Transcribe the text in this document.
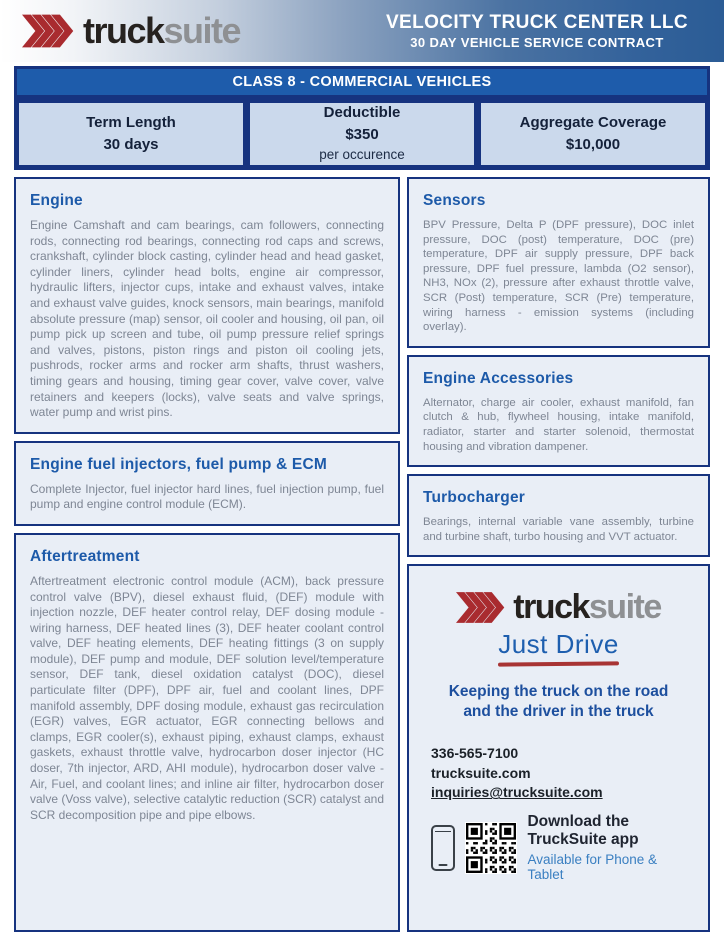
trucksuite	VELOCITY TRUCK CENTER LLC
30 DAY VEHICLE SERVICE CONTRACT
CLASS 8 - COMMERCIAL VEHICLES
Term Length
30 days
Deductible
$350
per occurence
Aggregate Coverage
$10,000
Engine

Engine Camshaft and cam bearings, cam followers, connecting rods, connecting rod bearings, connecting rod caps and screws, crankshaft, cylinder block casting, cylinder head and head gasket, cylinder liners, cylinder head bolts, engine air compressor, hydraulic lifters, injector cups, intake and exhaust valves, intake and exhaust valve guides, knock sensors, main bearings, manifold absolute pressure (map) sensor, oil cooler and housing, oil pan, oil pump pick up screen and tube, oil pump pressure relief springs and valves, pistons, piston rings and piston oil cooling jets, pushrods, rocker arms and rocker arm shafts, thrust washers, timing gears and housing, timing gear cover, valve cover, valve retainers and keepers (locks), valve seats and valve springs, water pump and wrist pins.

Engine fuel injectors, fuel pump & ECM

Complete Injector, fuel injector hard lines, fuel injection pump, fuel pump and engine control module (ECM).

Aftertreatment

Aftertreatment electronic control module (ACM), back pressure control valve (BPV), diesel exhaust fluid, (DEF) module with injection nozzle, DEF heater control relay, DEF dosing module - wiring harness, DEF heated lines (3), DEF heater coolant control valve, DEF heating elements, DEF heating fittings (3 on supply module), DEF pump and module, DEF solution level/temperature sensor, DEF tank, diesel oxidation catalyst (DOC), diesel particulate filter (DPF), DPF air, fuel and coolant lines, DPF manifold assembly, DPF dosing module, exhaust gas recirculation (EGR) valves, EGR actuator, EGR connecting bellows and clamps, EGR cooler(s), exhaust piping, exhaust clamps, exhaust gaskets, exhaust throttle valve, hydrocarbon doser injector (HC doser, 7th injector, ARD, AHI module), hydrocarbon doser valve - Air, Fuel, and coolant lines; and inline air filter, hydrocarbon doser valve (Voss valve), selective catalytic reduction (SCR) catalyst and SCR decomposition pipe and pipe elbows.

Sensors

BPV Pressure, Delta P (DPF pressure), DOC inlet pressure, DOC (post) temperature, DOC (pre) temperature, DPF air supply pressure, DPF back pressure, DPF fuel pressure, lambda (O2 sensor), NH3, NOx (2), pressure after exhaust throttle valve, SCR (Post) temperature, SCR (Pre) temperature, wiring harness - emission systems (including overlay).

Engine Accessories

Alternator, charge air cooler, exhaust manifold, fan clutch & hub, flywheel housing, intake manifold, radiator, starter and starter solenoid, thermostat housing and vibration dampener.

Turbocharger

Bearings, internal variable vane assembly, turbine and turbine shaft, turbo housing and VVT actuator.

trucksuite
Just Drive
Keeping the truck on the road
and the driver in the truck
336-565-7100
trucksuite.com
inquiries@trucksuite.com
Download the
TruckSuite app
Available for Phone & Tablet
